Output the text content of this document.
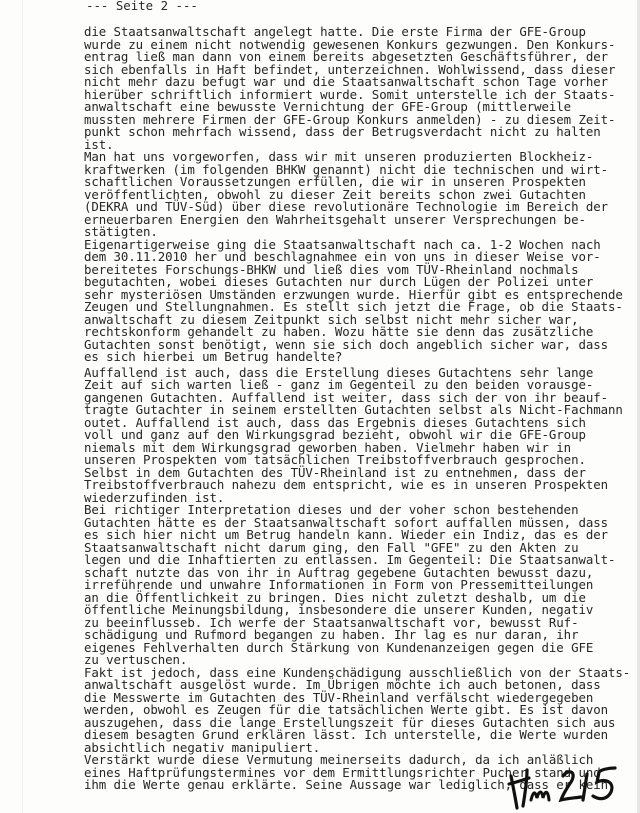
--- Seite 2 ---
die Staatsanwaltschaft angelegt hatte. Die erste Firma der GFE-Group
wurde zu einem nicht notwendig gewesenen Konkurs gezwungen. Den Konkurs-
entrag ließ man dann von einem bereits abgesetzten Geschäftsführer, der
sich ebenfalls in Haft befindet, unterzeichnen. Wohlwissend, dass dieser
nicht mehr dazu befugt war und die Staatsanwaltschaft schon Tage vorher
hierüber schriftlich informiert wurde. Somit unterstelle ich der Staats-
anwaltschaft eine bewusste Vernichtung der GFE-Group (mittlerweile
mussten mehrere Firmen der GFE-Group Konkurs anmelden) - zu diesem Zeit-
punkt schon mehrfach wissend, dass der Betrugsverdacht nicht zu halten
ist.
Man hat uns vorgeworfen, dass wir mit unseren produzierten Blockheiz-
kraftwerken (im folgenden BHKW genannt) nicht die technischen und wirt-
schaftlichen Voraussetzungen erfüllen, die wir in unseren Prospekten
veröffentlichten, obwohl zu dieser Zeit bereits schon zwei Gutachten
(DEKRA und TÜV-Süd) über diese revolutionäre Technologie im Bereich der
erneuerbaren Energien den Wahrheitsgehalt unserer Versprechungen be-
stätigten.
Eigenartigerweise ging die Staatsanwaltschaft nach ca. 1-2 Wochen nach
dem 30.11.2010 her und beschlagnahmee ein von uns in dieser Weise vor-
bereitetes Forschungs-BHKW und ließ dies vom TÜV-Rheinland nochmals
begutachten, wobei dieses Gutachten nur durch Lügen der Polizei unter
sehr mysteriösen Umständen erzwungen wurde. Hierfür gibt es entsprechende
Zeugen und Stellungnahmen. Es stellt sich jetzt die Frage, ob die Staats-
anwaltschaft zu diesem Zeitpunkt sich selbst nicht mehr sicher war,
rechtskonform gehandelt zu haben. Wozu hätte sie denn das zusätzliche
Gutachten sonst benötigt, wenn sie sich doch angeblich sicher war, dass
es sich hierbei um Betrug handelte?
Auffallend ist auch, dass die Erstellung dieses Gutachtens sehr lange
Zeit auf sich warten ließ - ganz im Gegenteil zu den beiden vorausge-
gangenen Gutachten. Auffallend ist weiter, dass sich der von ihr beauf-
tragte Gutachter in seinem erstellten Gutachten selbst als Nicht-Fachmann
outet. Auffallend ist auch, dass das Ergebnis dieses Gutachtens sich
voll und ganz auf den Wirkungsgrad bezieht, obwohl wir die GFE-Group
niemals mit dem Wirkungsgrad geworben haben. Vielmehr haben wir in
unseren Prospekten vom tatsächlichen Treibstoffverbrauch gesprochen.
Selbst in dem Gutachten des TÜV-Rheinland ist zu entnehmen, dass der
Treibstoffverbrauch nahezu dem entspricht, wie es in unseren Prospekten
wiederzufinden ist.
Bei richtiger Interpretation dieses und der voher schon bestehenden
Gutachten hätte es der Staatsanwaltschaft sofort auffallen müssen, dass
es sich hier nicht um Betrug handeln kann. Wieder ein Indiz, das es der
Staatsanwaltschaft nicht darum ging, den Fall "GFE" zu den Akten zu
legen und die Inhaftierten zu entlassen. Im Gegenteil: Die Staatsanwalt-
schaft nutzte das von ihr in Auftrag gegebene Gutachten bewusst dazu,
irreführende und unwahre Informationen in Form von Pressemitteilungen
an die Öffentlichkeit zu bringen. Dies nicht zuletzt deshalb, um die
öffentliche Meinungsbildung, insbesondere die unserer Kunden, negativ
zu beeinflusseb. Ich werfe der Staatsanwaltschaft vor, bewusst Ruf-
schädigung und Rufmord begangen zu haben. Ihr lag es nur daran, ihr
eigenes Fehlverhalten durch Stärkung von Kundenanzeigen gegen die GFE
zu vertuschen.
Fakt ist jedoch, dass eine Kundenschädigung ausschließlich von der Staats-
anwaltschaft ausgelöst wurde. Im Übrigen möchte ich auch betonen, dass
die Messwerte im Gutachten des TÜV-Rheinland verfälscht wiedergegeben
werden, obwohl es Zeugen für die tatsächlichen Werte gibt. Es ist davon
auszugehen, dass die lange Erstellungszeit für dieses Gutachten sich aus
diesem besagten Grund erklären lässt. Ich unterstelle, die Werte wurden
absichtlich negativ manipuliert.
Verstärkt wurde diese Vermutung meinerseits dadurch, da ich anläßlich
eines Haftprüfungstermines vor dem Ermittlungsrichter Pucher stand und
ihm die Werte genau erklärte. Seine Aussage war lediglich, dass er kein
